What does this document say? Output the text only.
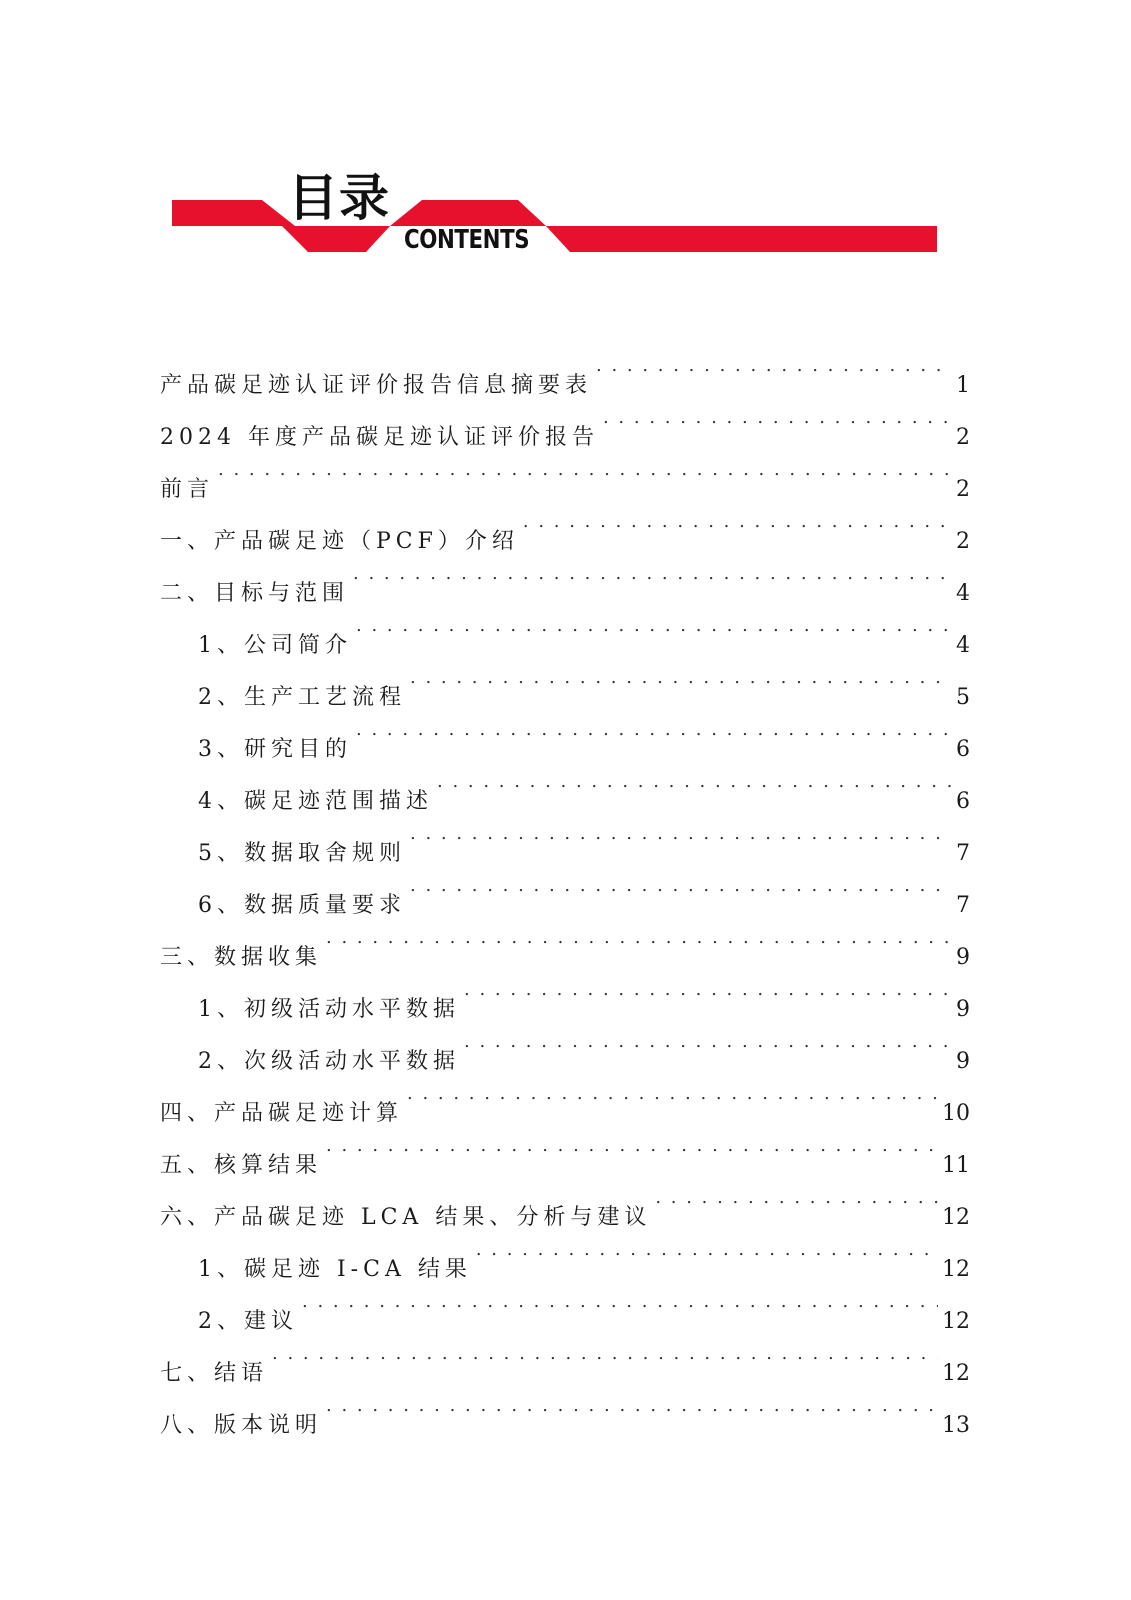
目录
CONTENTS
产品碳足迹认证评价报告信息摘要表 . . .	1
2024 年度产品碳足迹认证评价报告 . . .	2
前言 . . .	2
一、产品碳足迹（PCF）介绍 . . .	2
二、目标与范围 . . .	4
1、公司简介 . . .	4
2、生产工艺流程 . . .	5
3、研究目的 . . .	6
4、碳足迹范围描述 . . .	6
5、数据取舍规则 . . .	7
6、数据质量要求 . . .	7
三、数据收集 . . .	9
1、初级活动水平数据 . . .	9
2、次级活动水平数据 . . .	9
四、产品碳足迹计算 . . .	10
五、核算结果 . . .	11
六、产品碳足迹 LCA 结果、分析与建议 . . .	12
1、碳足迹 I-CA 结果 . . .	12
2、建议 . . .	12
七、结语 . . .	12
八、版本说明 . . .	13
